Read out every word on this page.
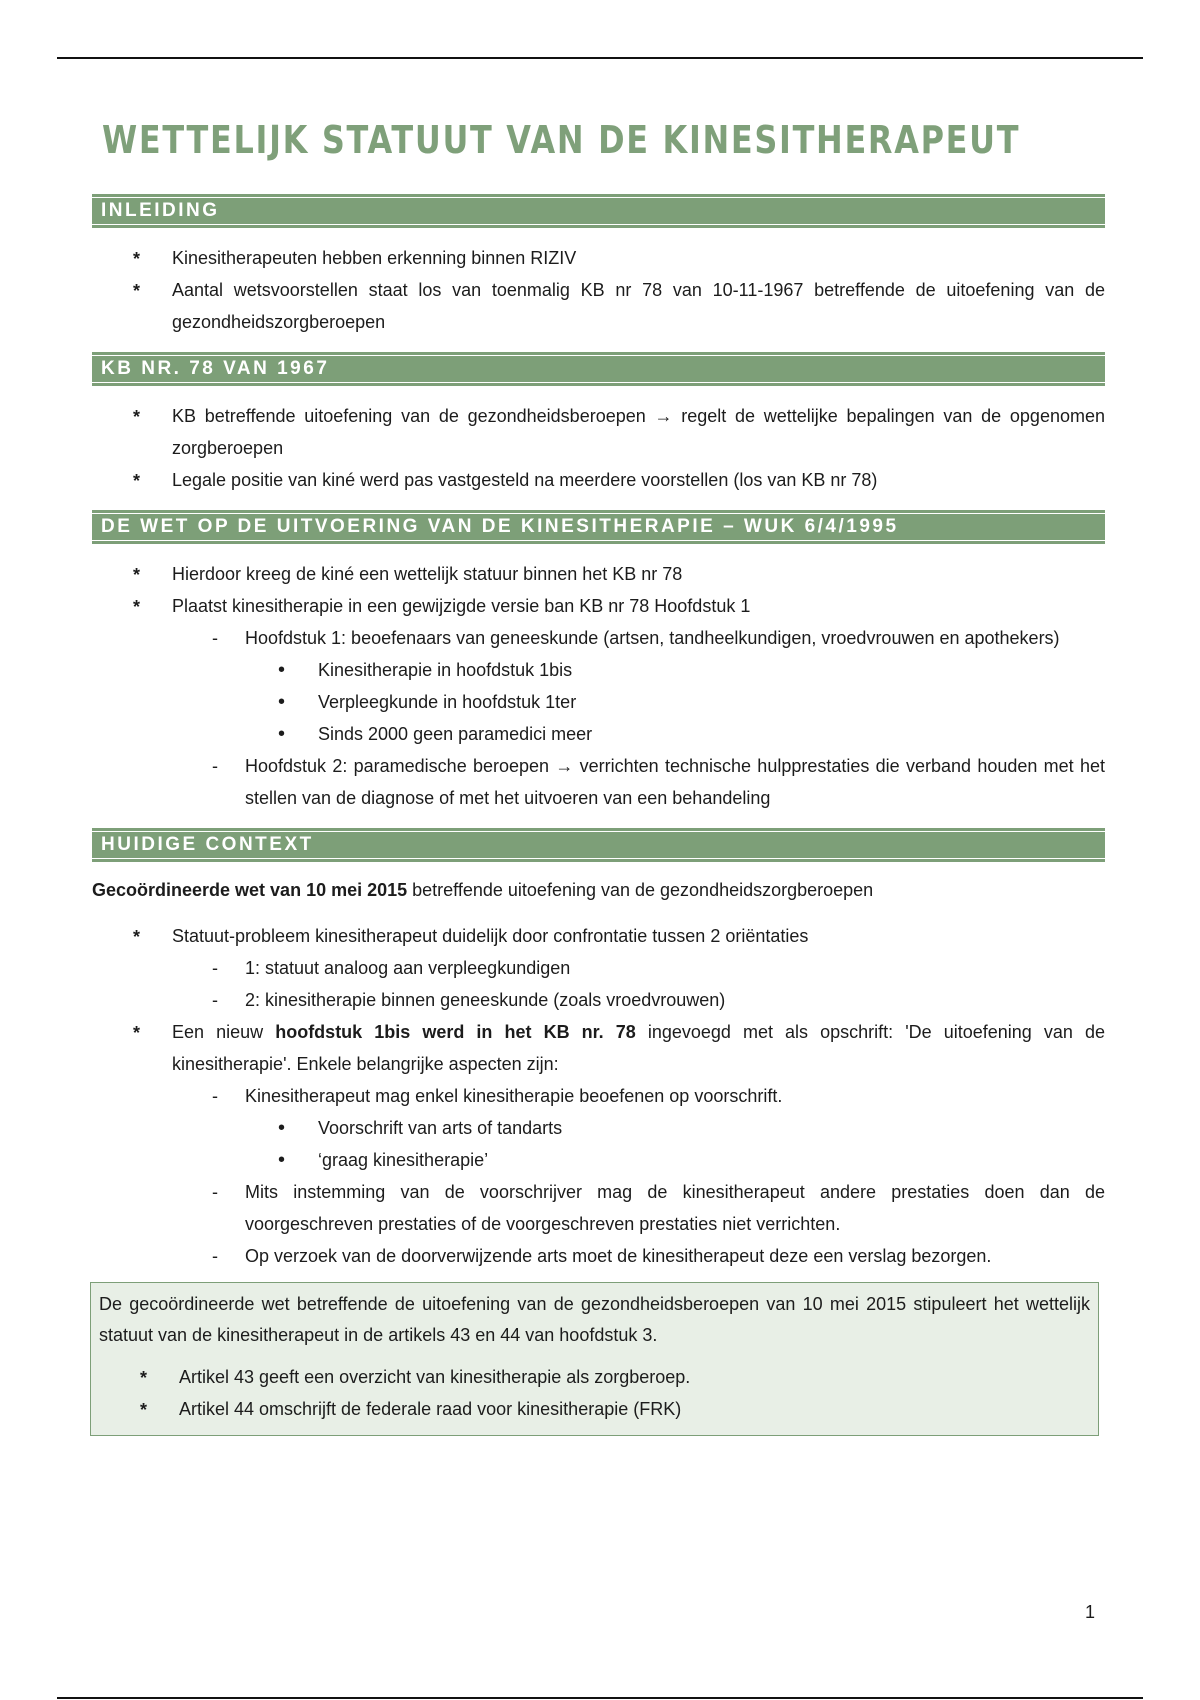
WETTELIJK STATUUT VAN DE KINESITHERAPEUT
INLEIDING
* Kinesitherapeuten hebben erkenning binnen RIZIV
* Aantal wetsvoorstellen staat los van toenmalig KB nr 78 van 10-11-1967 betreffende de uitoefening van de gezondheidszorgberoepen
KB NR. 78 VAN 1967
* KB betreffende uitoefening van de gezondheidsberoepen → regelt de wettelijke bepalingen van de opgenomen zorgberoepen
* Legale positie van kiné werd pas vastgesteld na meerdere voorstellen (los van KB nr 78)
DE WET OP DE UITVOERING VAN DE KINESITHERAPIE – WUK 6/4/1995
* Hierdoor kreeg de kiné een wettelijk statuur binnen het KB nr 78
* Plaatst kinesitherapie in een gewijzigde versie ban KB nr 78 Hoofdstuk 1
- Hoofdstuk 1: beoefenaars van geneeskunde (artsen, tandheelkundigen, vroedvrouwen en apothekers)
• Kinesitherapie in hoofdstuk 1bis
• Verpleegkunde in hoofdstuk 1ter
• Sinds 2000 geen paramedici meer
- Hoofdstuk 2: paramedische beroepen → verrichten technische hulpprestaties die verband houden met het stellen van de diagnose of met het uitvoeren van een behandeling
HUIDIGE CONTEXT

Gecoördineerde wet van 10 mei 2015 betreffende uitoefening van de gezondheidszorgberoepen

* Statuut-probleem kinesitherapeut duidelijk door confrontatie tussen 2 oriëntaties
- 1: statuut analoog aan verpleegkundigen
- 2: kinesitherapie binnen geneeskunde (zoals vroedvrouwen)
* Een nieuw hoofdstuk 1bis werd in het KB nr. 78 ingevoegd met als opschrift: 'De uitoefening van de kinesitherapie'. Enkele belangrijke aspecten zijn:
- Kinesitherapeut mag enkel kinesitherapie beoefenen op voorschrift.
• Voorschrift van arts of tandarts
• ‘graag kinesitherapie’
- Mits instemming van de voorschrijver mag de kinesitherapeut andere prestaties doen dan de voorgeschreven prestaties of de voorgeschreven prestaties niet verrichten.
- Op verzoek van de doorverwijzende arts moet de kinesitherapeut deze een verslag bezorgen.

De gecoördineerde wet betreffende de uitoefening van de gezondheidsberoepen van 10 mei 2015 stipuleert het wettelijk statuut van de kinesitherapeut in de artikels 43 en 44 van hoofdstuk 3.

* Artikel 43 geeft een overzicht van kinesitherapie als zorgberoep.
* Artikel 44 omschrijft de federale raad voor kinesitherapie (FRK)
1
